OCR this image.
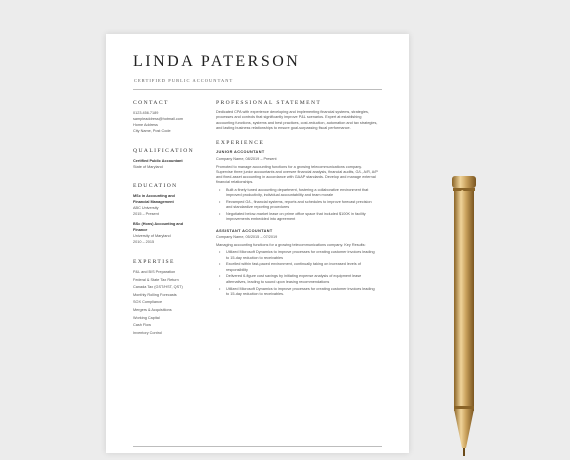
LINDA PATERSON
CERTIFIED PUBLIC ACCOUNTANT
CONTACT
0123.456.7189
sampleaddress@hotmail.com
Home Address
City Name, Post Code
QUALIFICATION
Certified Public Accountant
State of Maryland
EDUCATION
MSc in Accounting and
Financial Management
ABC University
2015 – Present
BSc (Hons) Accounting and
Finance
University of Maryland
2010 – 2015
EXPERTISE
P&L and B/S Preparation
Federal & State Tax Return
Canada Tax (GST/HST, QST)
Monthly Rolling Forecasts
SOX Compliance
Mergers & Acquisitions
Working Capital
Cash Flow
Inventory Control
PROFESSIONAL STATEMENT
Dedicated CPA with experience developing and implementing financial systems, strategies, processes and controls that significantly improve P&L scenarios. Expert at establishing accounting functions, systems and best practices, cost-reduction, automation and tax strategies, and lasting business relationships to ensure goal-surpassing fiscal performance.
EXPERIENCE
JUNIOR ACCOUNTANT
Company Name, 08/2019 – Present
Promoted to manage accounting functions for a growing telecommunications company. Supervise three junior accountants and oversee financial analysis, financial audits, G/L, A/R, A/P and fixed-asset accounting in accordance with GAAP standards. Develop and manage external financial relationships.
• Built a finely tuned accounting department, fostering a collaborative environment that improved productivity, individual accountability and team morale
• Revamped G/L, financial systems, reports and schedules to improve forecast precision and standardize reporting procedures
• Negotiated below-market lease on prime office space that included $100K in facility improvements embedded into agreement
ASSISTANT ACCOUNTANT
Company Name, 05/2015 – 07/2019
Managing accounting functions for a growing telecommunications company. Key Results:
• Utilized Microsoft Dynamics to improve processes for creating customer invoices leading to 15-day reduction to receivables
• Excelled within fast-paced environment, continually taking on increased levels of responsibility
• Delivered 6-figure cost savings by initiating expense analysis of equipment lease alternatives, leading to sound upon leasing recommendations
• Utilized Microsoft Dynamics to improve processes for creating customer invoices leading to 15-day reduction to receivables.
